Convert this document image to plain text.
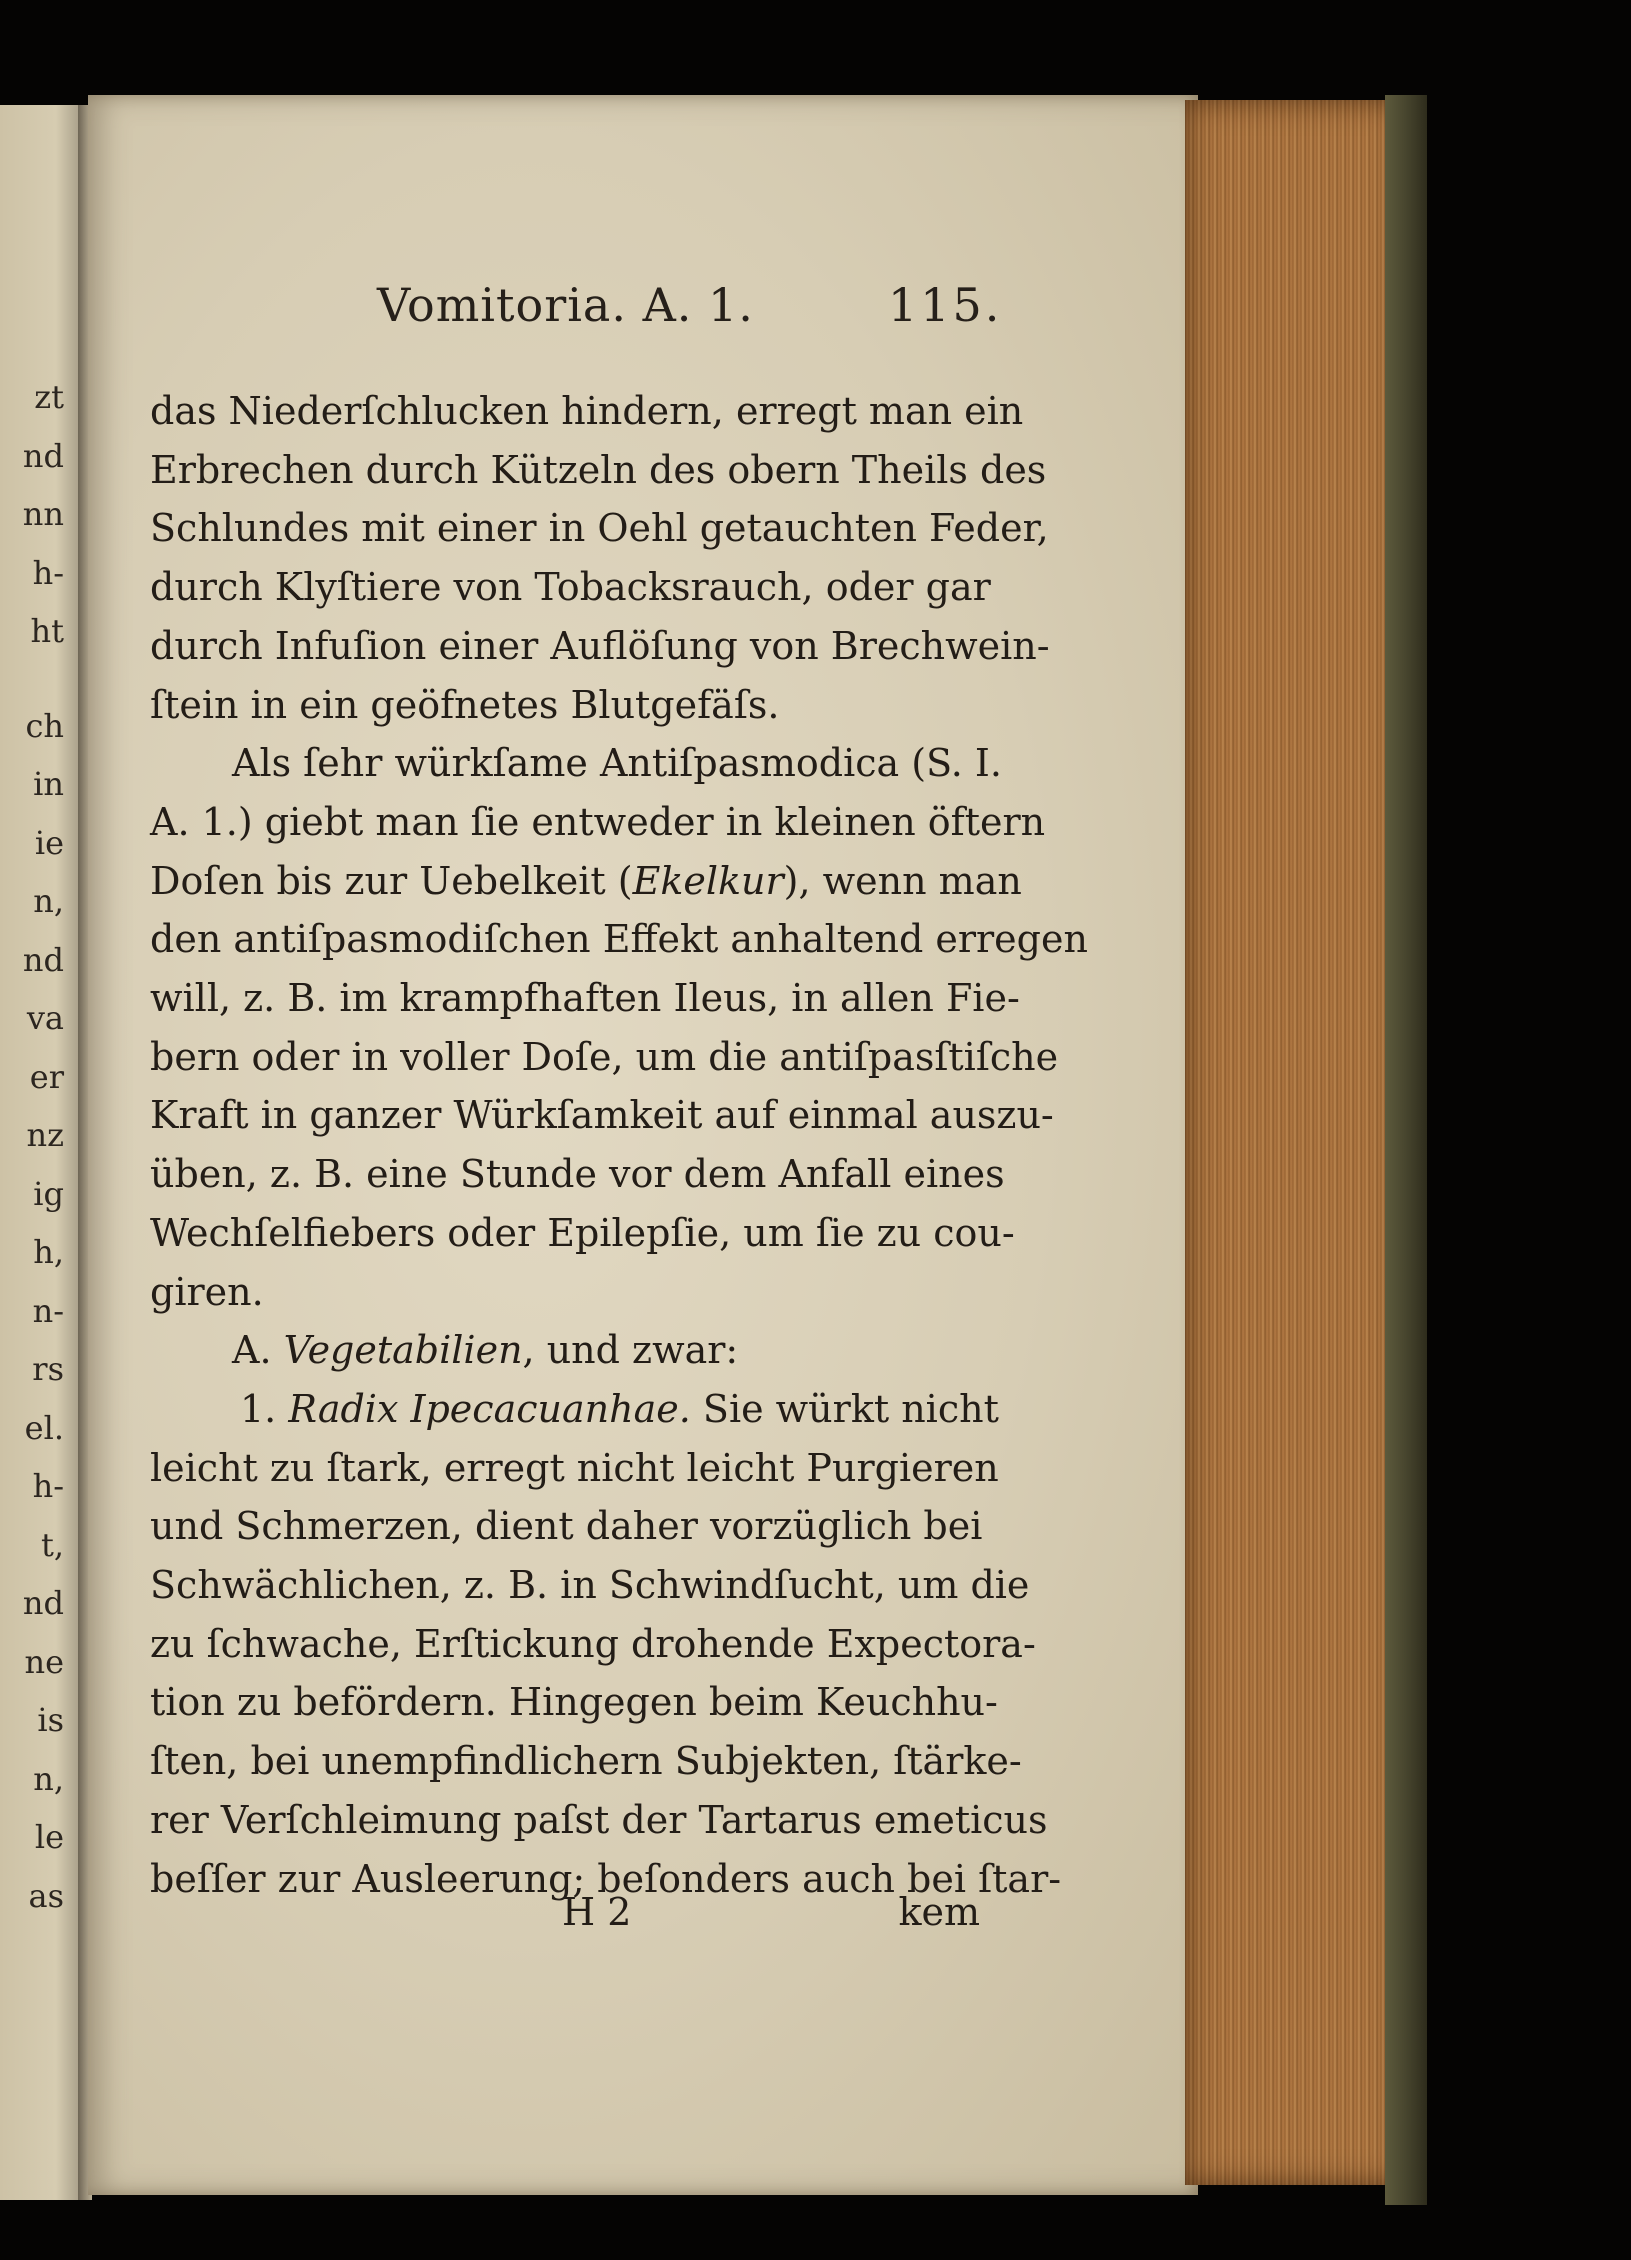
zt
nd
nn
h-
ht
ch
in
ie
n,
nd
va
er
nz
ig
h,
n-
rs
el.
h-
t,
nd
ne
is
n,
le
as
Vomitoria. A. 1.	115.
das Niederſchlucken hindern, erregt man ein
Erbrechen durch Kützeln des obern Theils des
Schlundes mit einer in Oehl getauchten Feder,
durch Klyſtiere von Tobacksrauch, oder gar
durch Infuſion einer Auflöſung von Brechwein-
ſtein in ein geöfnetes Blutgefäſs.
Als ſehr würkſame Antiſpasmodica (S. I.
A. 1.) giebt man ſie entweder in kleinen öftern
Doſen bis zur Uebelkeit (Ekelkur), wenn man
den antiſpasmodiſchen Effekt anhaltend erregen
will, z. B. im krampfhaften Ileus, in allen Fie-
bern oder in voller Doſe, um die antiſpasſtiſche
Kraft in ganzer Würkſamkeit auf einmal auszu-
üben, z. B. eine Stunde vor dem Anfall eines
Wechſelfiebers oder Epilepſie, um ſie zu cou-
giren.
A. Vegetabilien, und zwar:
1. Radix Ipecacuanhae. Sie würkt nicht
leicht zu ſtark, erregt nicht leicht Purgieren
und Schmerzen, dient daher vorzüglich bei
Schwächlichen, z. B. in Schwindſucht, um die
zu ſchwache, Erſtickung drohende Expectora-
tion zu befördern. Hingegen beim Keuchhu-
ſten, bei unempfindlichern Subjekten, ſtärke-
rer Verſchleimung paſst der Tartarus emeticus
beſſer zur Ausleerung; beſonders auch bei ſtar-
H 2	kem
